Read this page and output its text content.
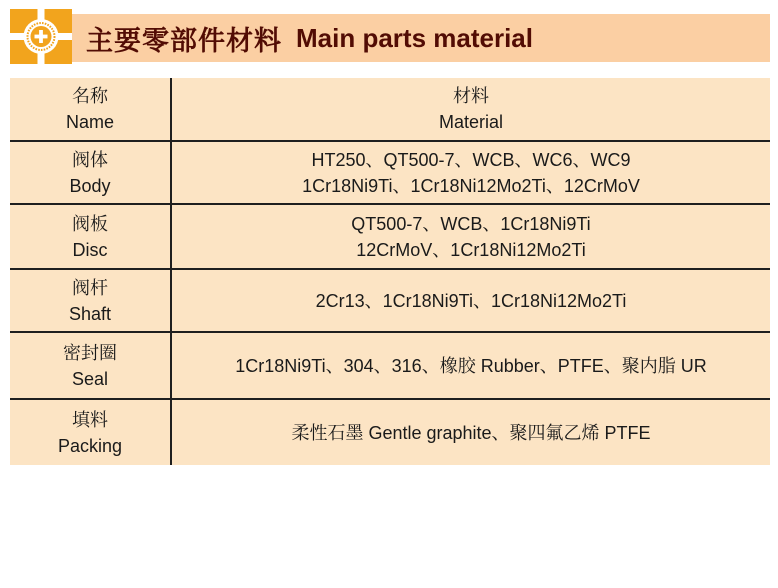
主要零部件材料 Main parts material
名称
Name
材料
Material
阀体
Body
HT250、QT500-7、WCB、WC6、WC9
1Cr18Ni9Ti、1Cr18Ni12Mo2Ti、12CrMoV
阀板
Disc
QT500-7、WCB、1Cr18Ni9Ti
12CrMoV、1Cr18Ni12Mo2Ti
阀杆
Shaft
2Cr13、1Cr18Ni9Ti、1Cr18Ni12Mo2Ti
密封圈
Seal
1Cr18Ni9Ti、304、316、橡胶 Rubber、PTFE、聚内脂 UR
填料
Packing
柔性石墨 Gentle graphite、聚四氟乙烯 PTFE
